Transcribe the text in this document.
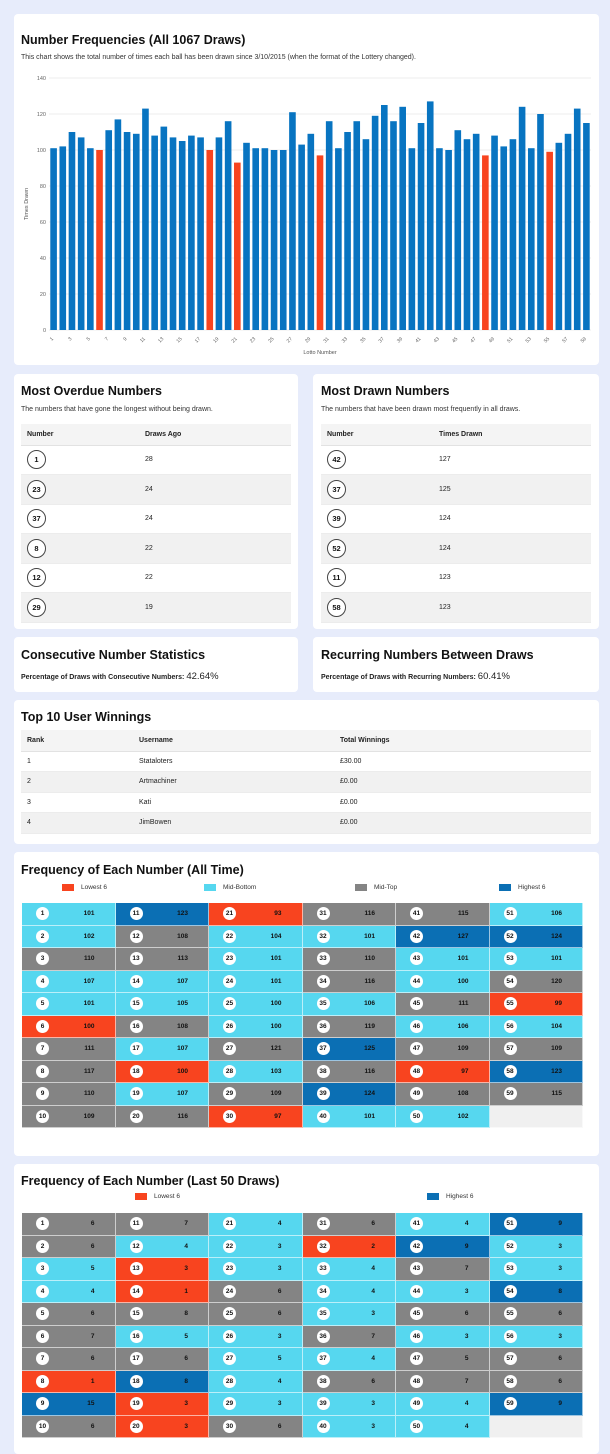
Number Frequencies (All 1067 Draws)
This chart shows the total number of times each ball has been drawn since 3/10/2015 (when the format of the Lottery changed).
0
20
40
60
80
100
120
140
1 3 5 7 9 11 13 15 17 19 21 23 25 27 29 31 33 35 37 39 41 43 45 47 49 51 53 55 57 59
Lotto Number
Times Drawn
Most Overdue Numbers
The numbers that have gone the longest without being drawn.
Number	Draws Ago
1	28
23	24
37	24
8	22
12	22
29	19
Most Drawn Numbers
The numbers that have been drawn most frequently in all draws.
Number	Times Drawn
42	127
37	125
39	124
52	124
11	123
58	123
Consecutive Number Statistics
Percentage of Draws with Consecutive Numbers: 42.64%
Recurring Numbers Between Draws
Percentage of Draws with Recurring Numbers: 60.41%
Top 10 User Winnings
Rank	Username	Total Winnings
1	Stataloters	£30.00
2	Artmachiner	£0.00
3	Kati	£0.00
4	JimBowen	£0.00
Frequency of Each Number (All Time)
Lowest 6	Mid-Bottom	Mid-Top	Highest 6
1	101	11	123	21	93	31	116	41	115	51	106
2	102	12	108	22	104	32	101	42	127	52	124
3	110	13	113	23	101	33	110	43	101	53	101
4	107	14	107	24	101	34	116	44	100	54	120
5	101	15	105	25	100	35	106	45	111	55	99
6	100	16	108	26	100	36	119	46	106	56	104
7	111	17	107	27	121	37	125	47	109	57	109
8	117	18	100	28	103	38	116	48	97	58	123
9	110	19	107	29	109	39	124	49	108	59	115
10	109	20	116	30	97	40	101	50	102
Frequency of Each Number (Last 50 Draws)
Lowest 6	Highest 6
1	6	11	7	21	4	31	6	41	4	51	9
2	6	12	4	22	3	32	2	42	9	52	3
3	5	13	3	23	3	33	4	43	7	53	3
4	4	14	1	24	6	34	4	44	3	54	8
5	6	15	8	25	6	35	3	45	6	55	6
6	7	16	5	26	3	36	7	46	3	56	3
7	6	17	6	27	5	37	4	47	5	57	6
8	1	18	8	28	4	38	6	48	7	58	6
9	15	19	3	29	3	39	3	49	4	59	9
10	6	20	3	30	6	40	3	50	4
